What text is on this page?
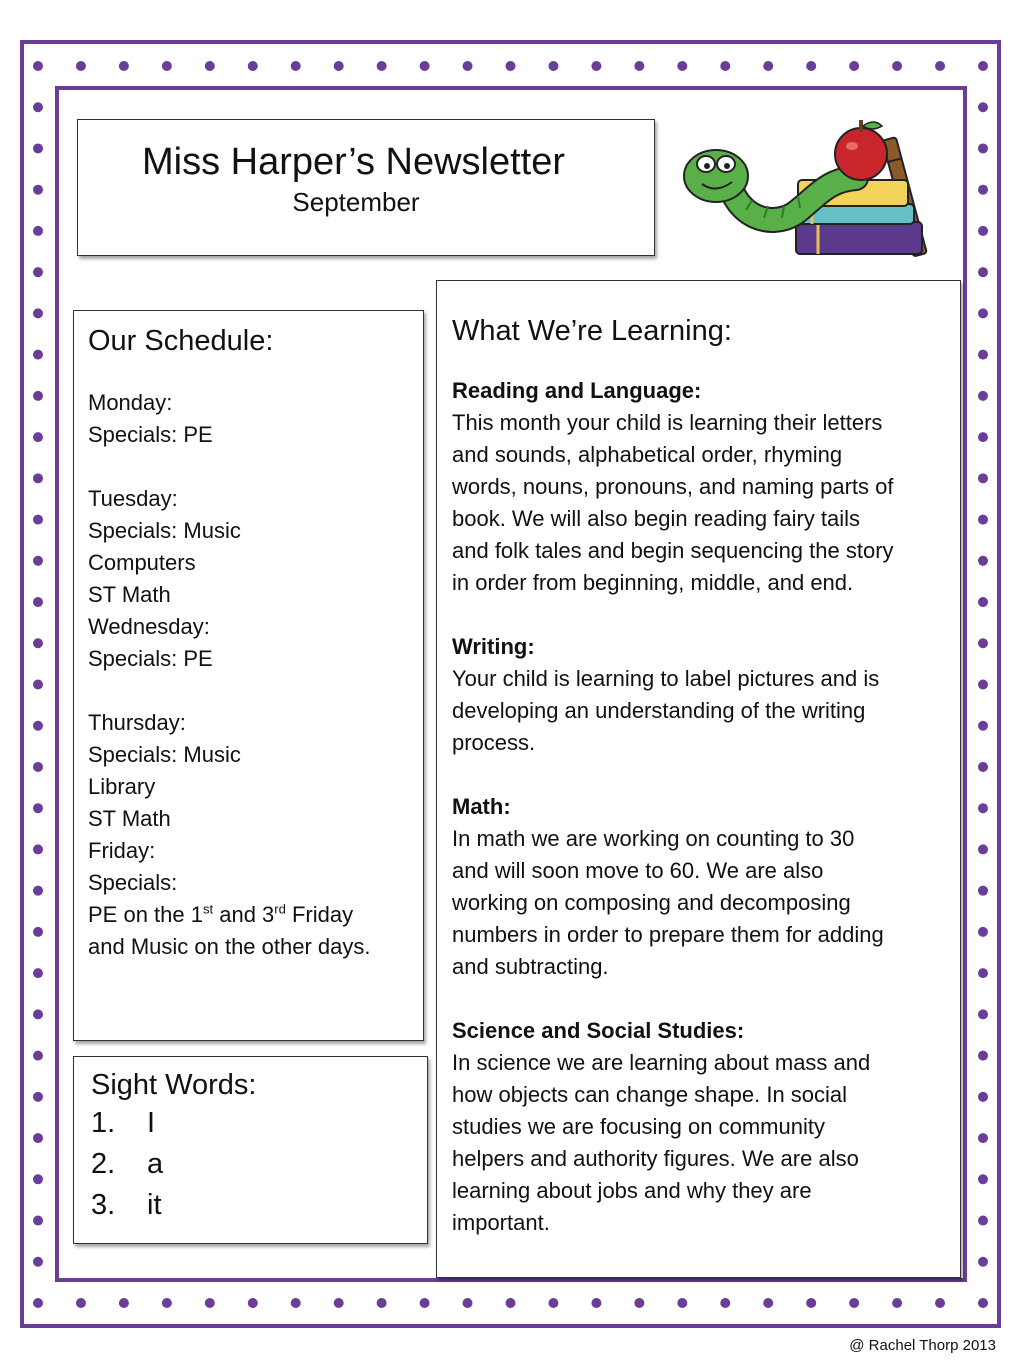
Miss Harper’s Newsletter
September
Our Schedule:
Monday:
Specials: PE
Tuesday:
Specials: Music
Computers
ST Math
Wednesday:
Specials: PE
Thursday:
Specials: Music
Library
ST Math
Friday:
Specials:
PE on the 1st and 3rd Friday
and Music on the other days.
Sight Words:
1.	I
2.	a
3.	it
What We’re Learning:
Reading and Language:
This month your child is learning their letters
and sounds, alphabetical order, rhyming
words, nouns, pronouns, and naming parts of
book. We will also begin reading fairy tails
and folk tales and begin sequencing the story
in order from beginning, middle, and end.
Writing:
Your child is learning to label pictures and is
developing an understanding of the writing
process.
Math:
In math we are working on counting to 30
and will soon move to 60. We are also
working on composing and decomposing
numbers in order to prepare them for adding
and subtracting.
Science and Social Studies:
In science we are learning about mass and
how objects can change shape. In social
studies we are focusing on community
helpers and authority figures. We are also
learning about jobs and why they are
important.
@ Rachel Thorp 2013
